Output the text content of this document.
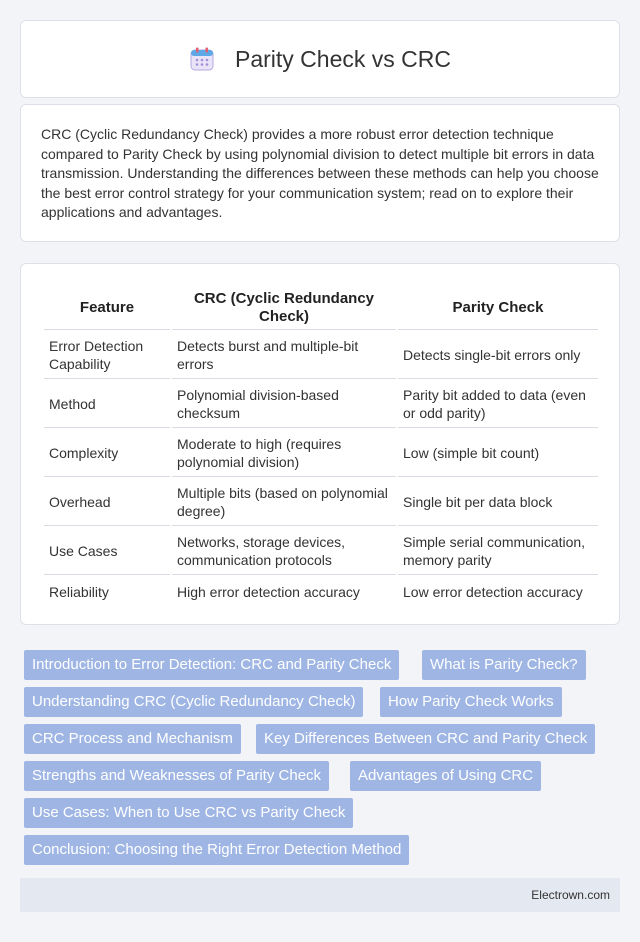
Parity Check vs CRC

CRC (Cyclic Redundancy Check) provides a more robust error detection technique compared to Parity Check by using polynomial division to detect multiple bit errors in data transmission. Understanding the differences between these methods can help you choose the best error control strategy for your communication system; read on to explore their applications and advantages.

Feature	CRC (Cyclic Redundancy Check)	Parity Check
Error Detection Capability	Detects burst and multiple-bit errors	Detects single-bit errors only
Method	Polynomial division-based checksum	Parity bit added to data (even or odd parity)
Complexity	Moderate to high (requires polynomial division)	Low (simple bit count)
Overhead	Multiple bits (based on polynomial degree)	Single bit per data block
Use Cases	Networks, storage devices, communication protocols	Simple serial communication, memory parity
Reliability	High error detection accuracy	Low error detection accuracy
Introduction to Error Detection: CRC and Parity Check	What is Parity Check?
Understanding CRC (Cyclic Redundancy Check)	How Parity Check Works
CRC Process and Mechanism	Key Differences Between CRC and Parity Check
Strengths and Weaknesses of Parity Check	Advantages of Using CRC
Use Cases: When to Use CRC vs Parity Check
Conclusion: Choosing the Right Error Detection Method
Electrown.com
